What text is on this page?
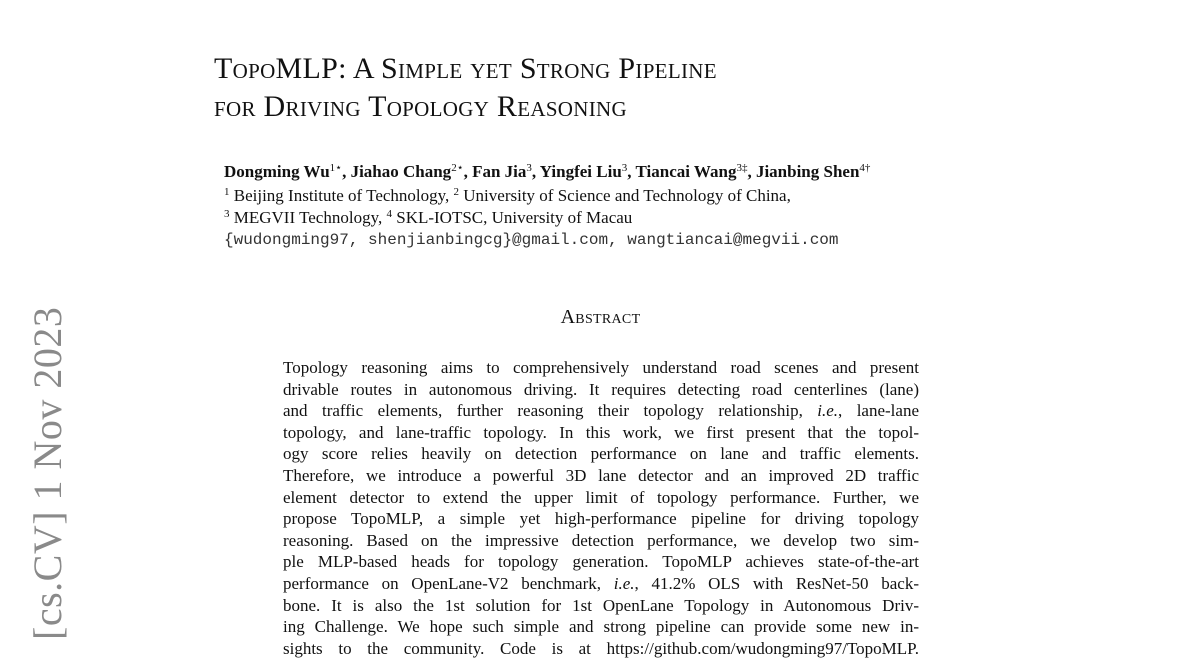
[cs.CV] 1 Nov 2023
TopoMLP: A Simple yet Strong Pipeline
for Driving Topology Reasoning
Dongming $Wu^{1⋆}$, Jiahao Chang$^{2⋆}$, Fan Jia$^3$, Yingfei Liu$^3$, Tiancai Wang$^{3\ddagger}$, Jianbing Shen$^{4\dagger}$
$^1$ Beijing Institute of Technology, $^2$ University of Science and Technology of China,
$^3$ MEGVII Technology, $^4$ SKL-IOTSC, University of Macau
{wudongming97, shenjianbingcg}@gmail.com, wangtiancai@megvii.com
Abstract
Topology reasoning aims to comprehensively understand road scenes and present
drivable routes in autonomous driving. It requires detecting road centerlines (lane)
and traffic elements, further reasoning their topology relationship, i.e., lane-lane
topology, and lane-traffic topology. In this work, we first present that the topol-
ogy score relies heavily on detection performance on lane and traffic elements.
Therefore, we introduce a powerful 3D lane detector and an improved 2D traffic
element detector to extend the upper limit of topology performance. Further, we
propose TopoMLP, a simple yet high-performance pipeline for driving topology
reasoning. Based on the impressive detection performance, we develop two sim-
ple MLP-based heads for topology generation. TopoMLP achieves state-of-the-art
performance on OpenLane-V2 benchmark, i.e., 41.2% OLS with ResNet-50 back-
bone. It is also the 1st solution for 1st OpenLane Topology in Autonomous Driv-
ing Challenge. We hope such simple and strong pipeline can provide some new in-
sights to the community. Code is at https://github.com/wudongming97/TopoMLP.
